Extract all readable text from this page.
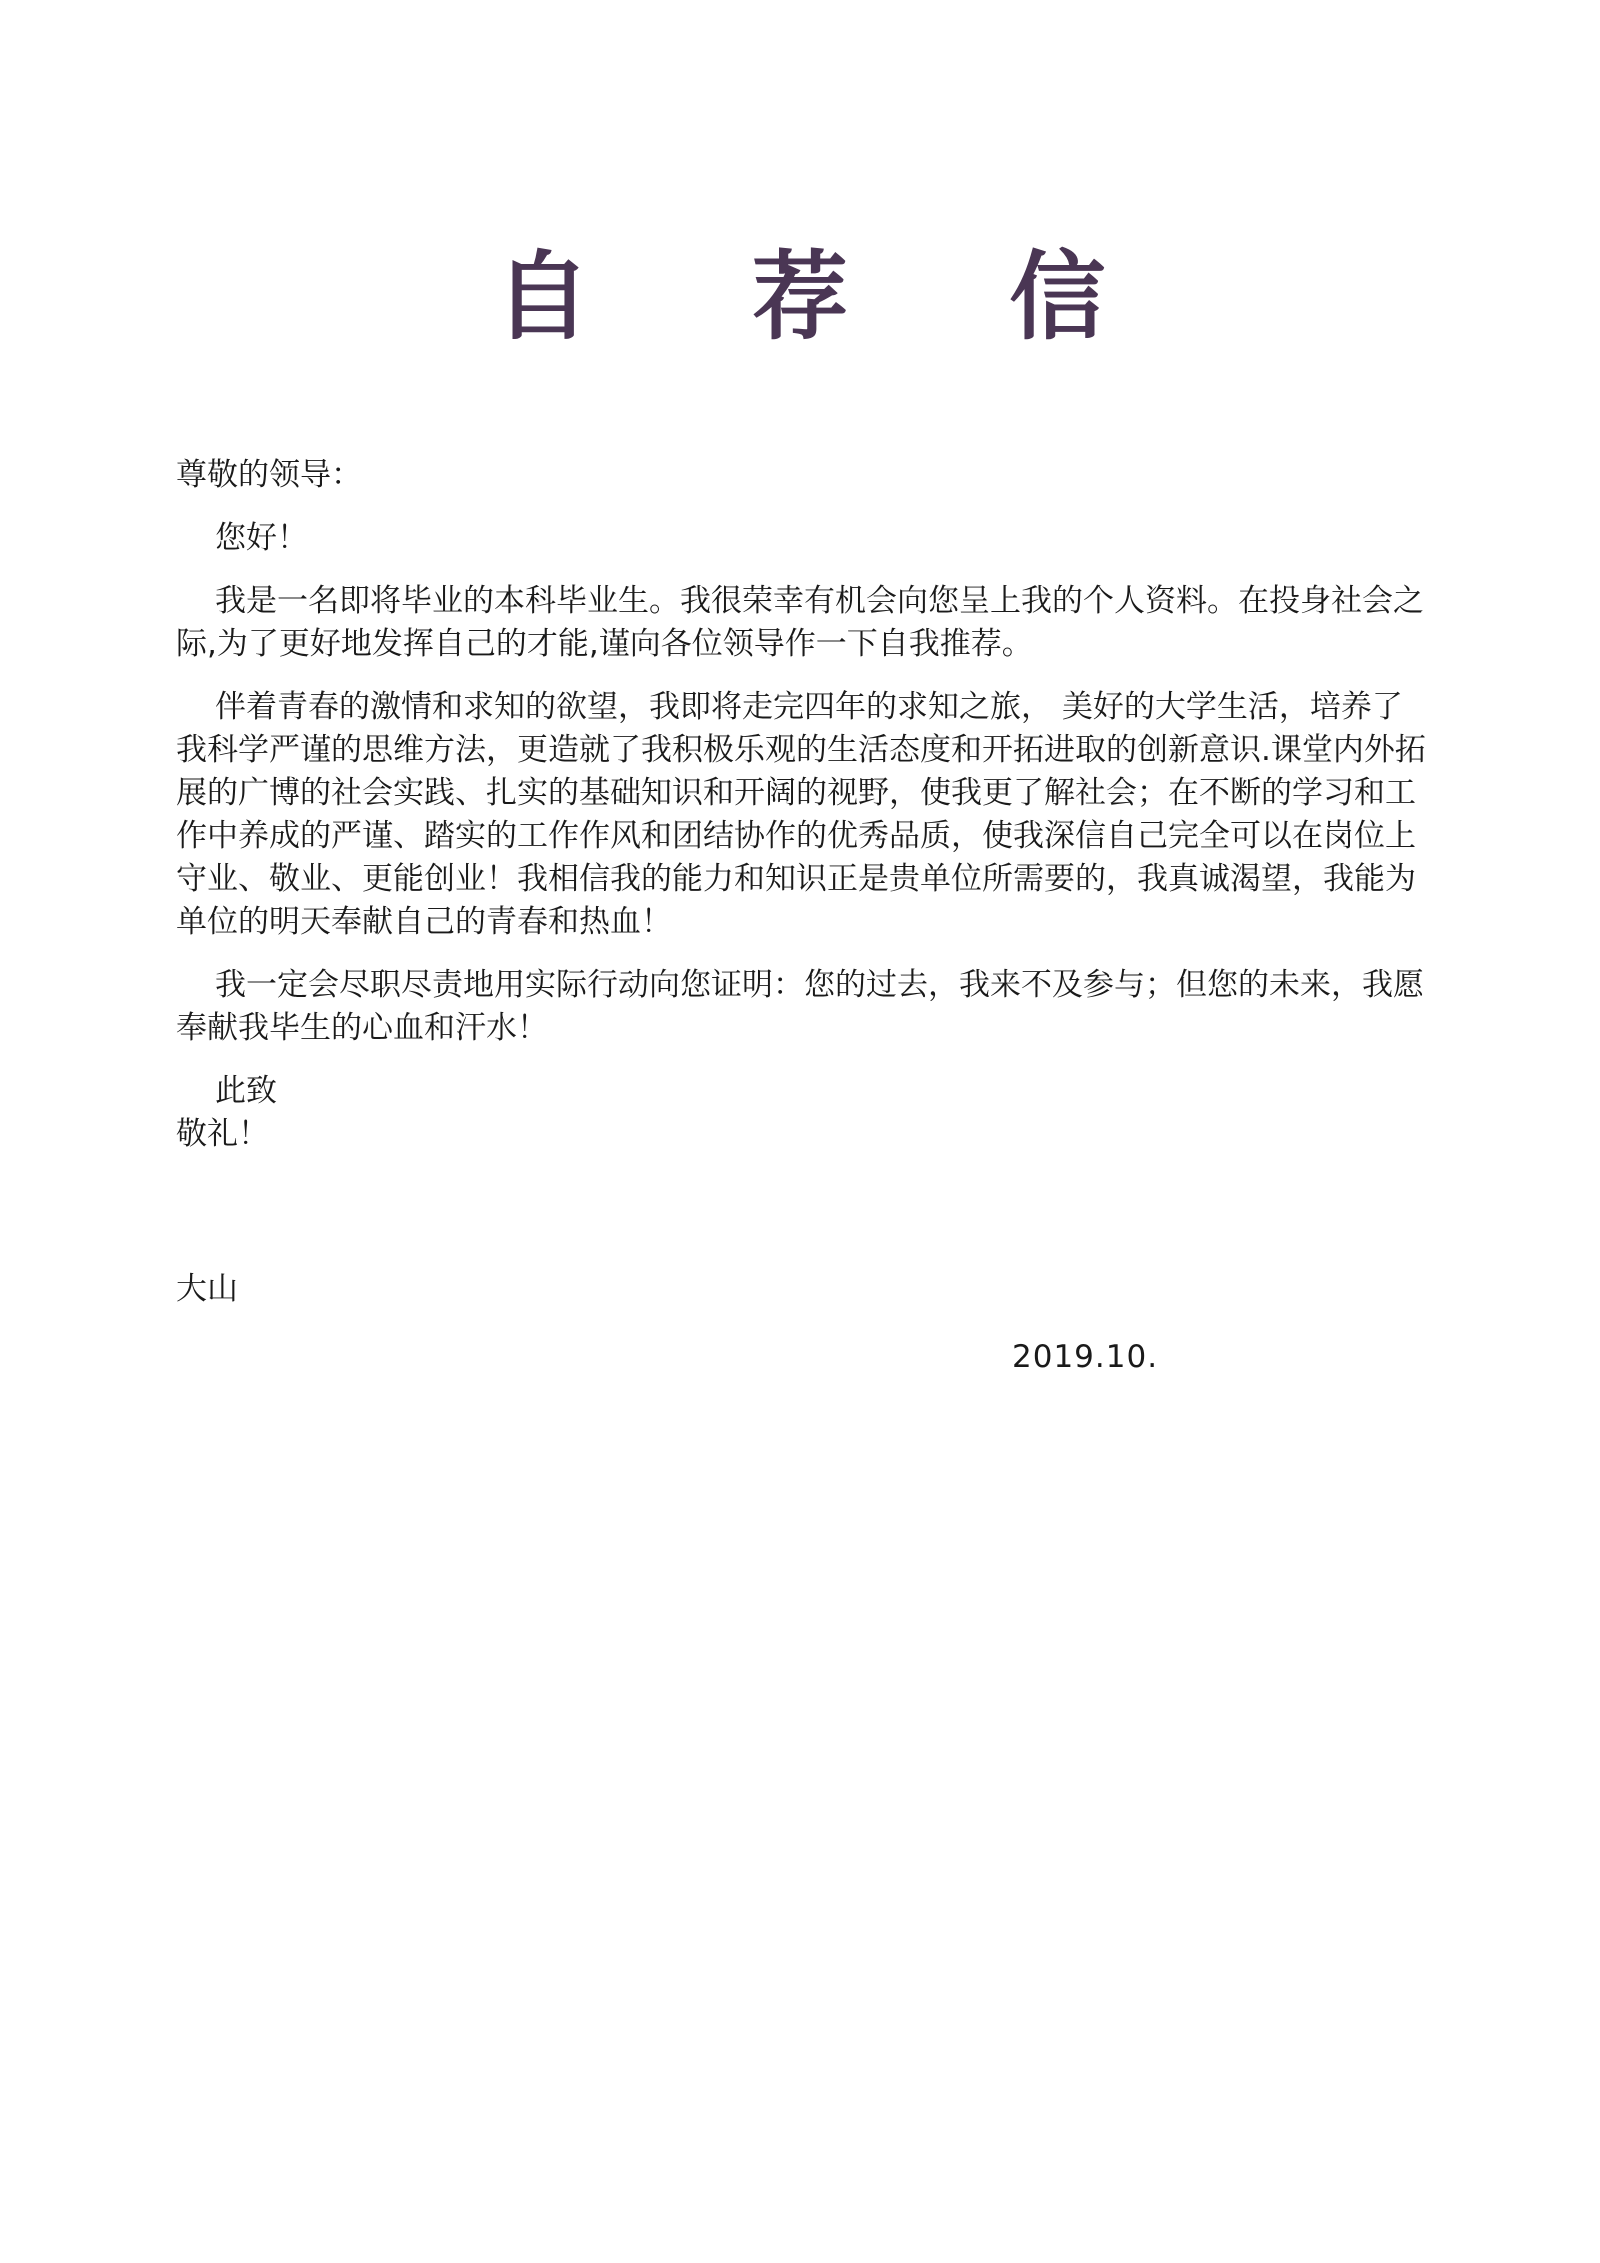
自 荐 信

尊敬的领导：

您好！

我是一名即将毕业的本科毕业生。我很荣幸有机会向您呈上我的个人资料。在投身社会之际,为了更好地发挥自己的才能,谨向各位领导作一下自我推荐。

伴着青春的激情和求知的欲望，我即将走完四年的求知之旅， 美好的大学生活，培养了我科学严谨的思维方法，更造就了我积极乐观的生活态度和开拓进取的创新意识.课堂内外拓展的广博的社会实践、扎实的基础知识和开阔的视野，使我更了解社会；在不断的学习和工作中养成的严谨、踏实的工作作风和团结协作的优秀品质，使我深信自己完全可以在岗位上守业、敬业、更能创业！我相信我的能力和知识正是贵单位所需要的，我真诚渴望，我能为单位的明天奉献自己的青春和热血！

我一定会尽职尽责地用实际行动向您证明：您的过去，我来不及参与；但您的未来，我愿奉献我毕生的心血和汗水！

此致

敬礼！

大山
2019.10.
